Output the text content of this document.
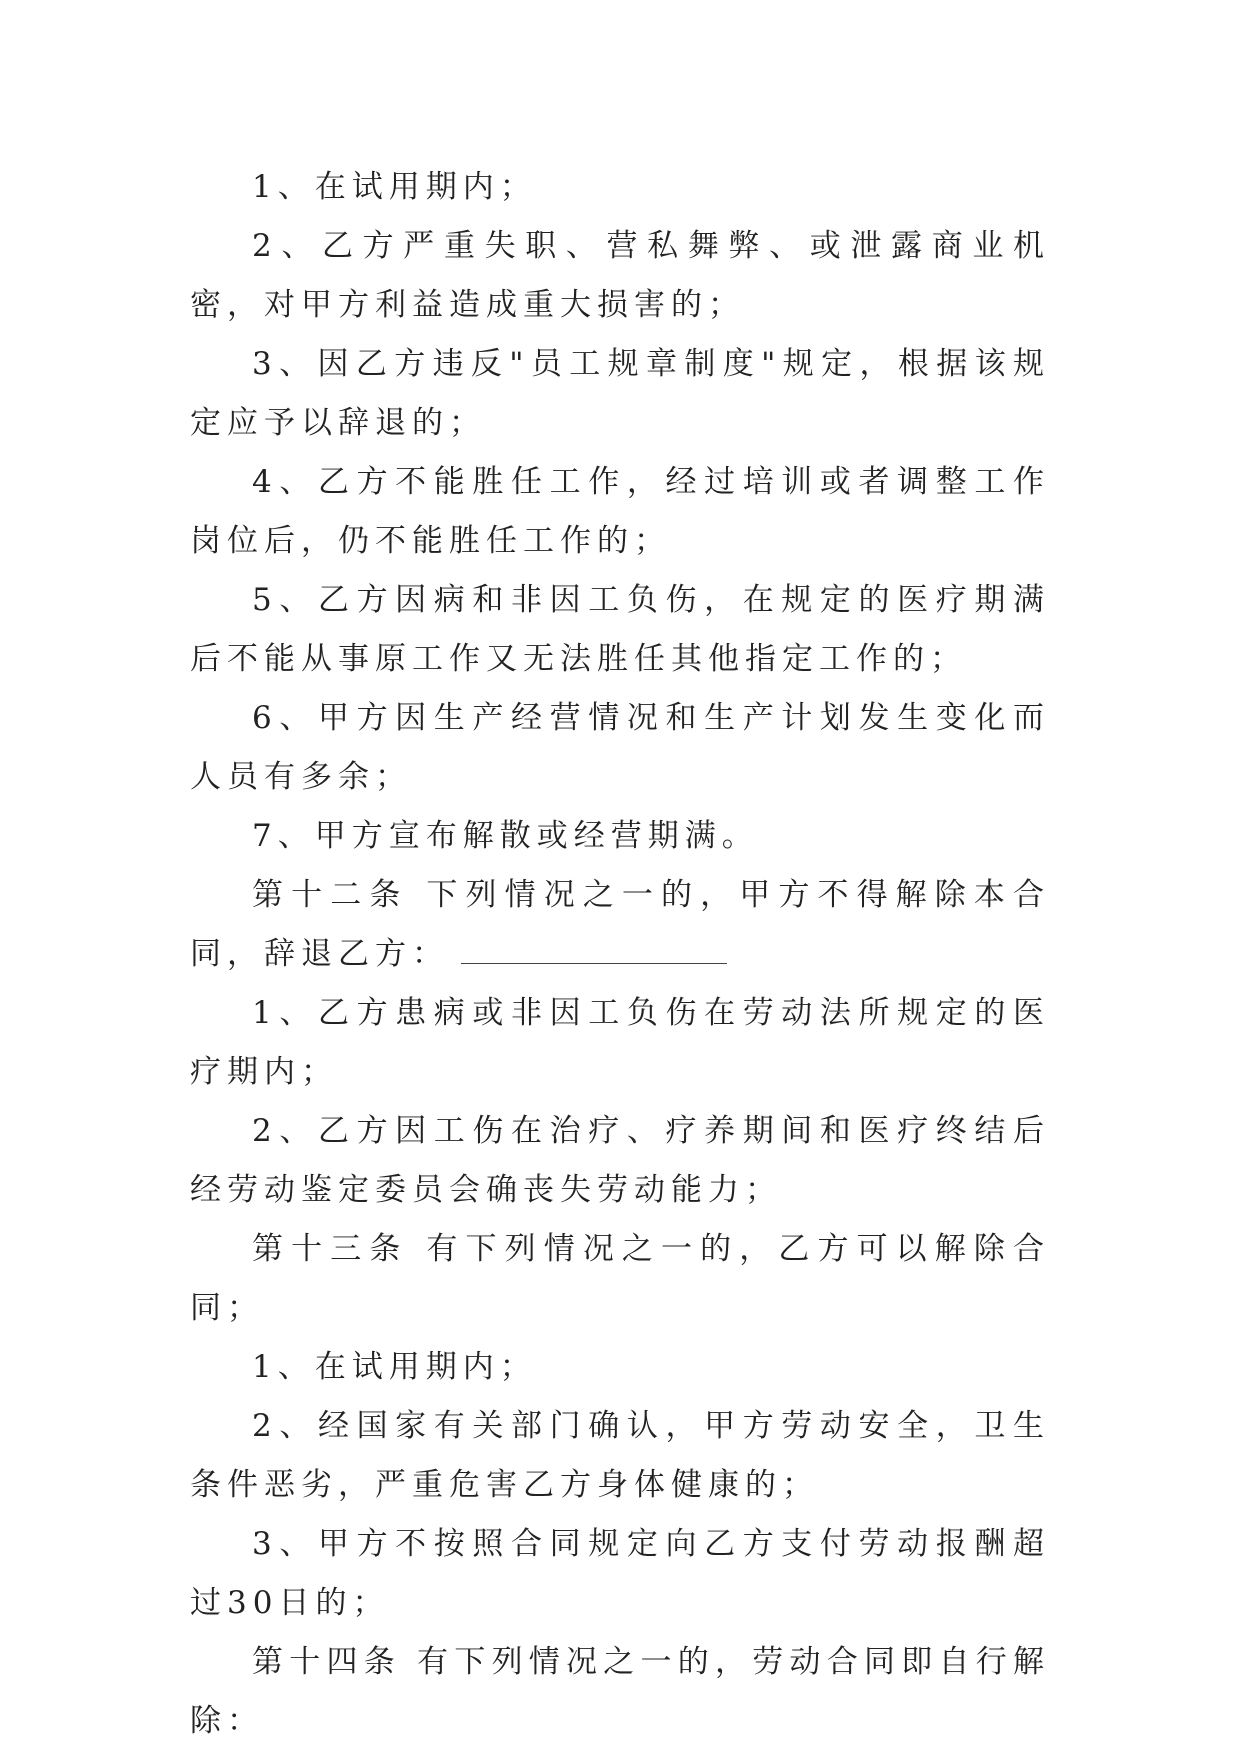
1、在试用期内；

2、乙方严重失职、营私舞弊、或泄露商业机密，对甲方利益造成重大损害的；

3、因乙方违反"员工规章制度"规定，根据该规定应予以辞退的；

4、乙方不能胜任工作，经过培训或者调整工作岗位后，仍不能胜任工作的；

5、乙方因病和非因工负伤，在规定的医疗期满后不能从事原工作又无法胜任其他指定工作的；

6、甲方因生产经营情况和生产计划发生变化而人员有多余；

7、甲方宣布解散或经营期满。

第十二条 下列情况之一的，甲方不得解除本合同，辞退乙方：

1、乙方患病或非因工负伤在劳动法所规定的医疗期内；

2、乙方因工伤在治疗、疗养期间和医疗终结后经劳动鉴定委员会确丧失劳动能力；

第十三条 有下列情况之一的，乙方可以解除合同；

1、在试用期内；

2、经国家有关部门确认，甲方劳动安全，卫生条件恶劣，严重危害乙方身体健康的；

3、甲方不按照合同规定向乙方支付劳动报酬超过30日的；

第十四条 有下列情况之一的，劳动合同即自行解除：
